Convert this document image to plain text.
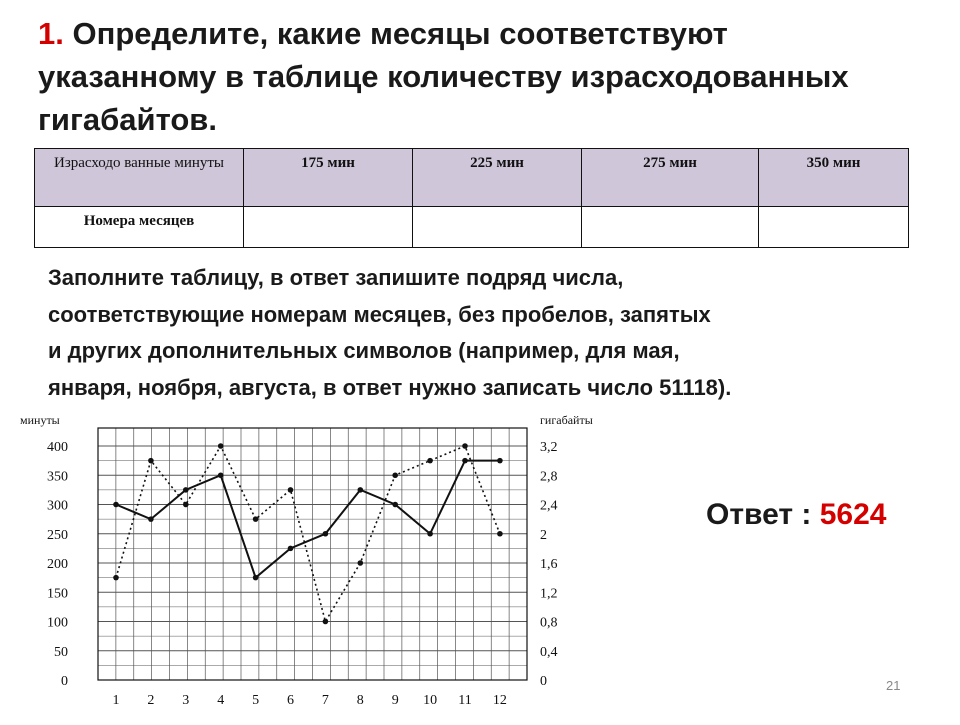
1. Определите, какие месяцы соответствуют
указанному в таблице количеству израсходованных
гигабайтов.
Израсходо ванные минуты	175 мин	225 мин	275 мин	350 мин
Номера месяцев				
Заполните таблицу, в ответ запишите подряд числа,
соответствующие номерам месяцев, без пробелов, запятых
и других дополнительных символов (например, для мая,
января, ноября, августа, в ответ нужно записать число 51118).
минуты	гигабайты
0
50
100
150
200
250
300
350
400
0
0,4
0,8
1,2
1,6
2
2,4
2,8
3,2
1 2 3 4 5 6 7 8 9 10 11 12
Ответ : 5624
21
